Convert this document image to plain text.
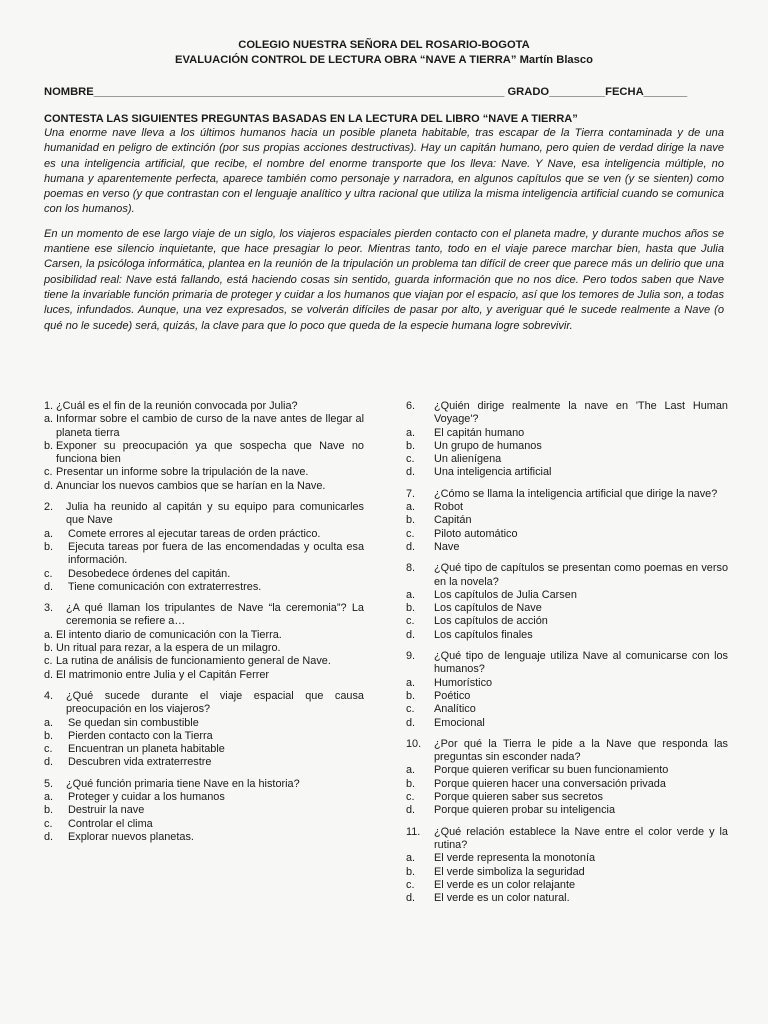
COLEGIO NUESTRA SEÑORA DEL ROSARIO-BOGOTA
EVALUACIÓN CONTROL DE LECTURA OBRA “NAVE A TIERRA” Martín Blasco
NOMBRE__________________________________________________________________ GRADO_________FECHA_______
CONTESTA LAS SIGUIENTES PREGUNTAS BASADAS EN LA LECTURA DEL LIBRO “NAVE A TIERRA”

Una enorme nave lleva a los últimos humanos hacia un posible planeta habitable, tras escapar de la Tierra contaminada y de una humanidad en peligro de extinción (por sus propias acciones destructivas). Hay un capitán humano, pero quien de verdad dirige la nave es una inteligencia artificial, que recibe, el nombre del enorme transporte que los lleva: Nave. Y Nave, esa inteligencia múltiple, no humana y aparentemente perfecta, aparece también como personaje y narradora, en algunos capítulos que se ven (y se sienten) como poemas en verso (y que contrastan con el lenguaje analítico y ultra racional que utiliza la misma inteligencia artificial cuando se comunica con los humanos).

En un momento de ese largo viaje de un siglo, los viajeros espaciales pierden contacto con el planeta madre, y durante muchos años se mantiene ese silencio inquietante, que hace presagiar lo peor. Mientras tanto, todo en el viaje parece marchar bien, hasta que Julia Carsen, la psicóloga informática, plantea en la reunión de la tripulación un problema tan difícil de creer que parece más un delirio que una posibilidad real: Nave está fallando, está haciendo cosas sin sentido, guarda información que no nos dice. Pero todos saben que Nave tiene la invariable función primaria de proteger y cuidar a los humanos que viajan por el espacio, así que los temores de Julia son, a todas luces, infundados. Aunque, una vez expresados, se volverán difíciles de pasar por alto, y averiguar qué le sucede realmente a Nave (o qué no le sucede) será, quizás, la clave para que lo poco que queda de la especie humana logre sobrevivir.

1. ¿Cuál es el fin de la reunión convocada por Julia?
a. Informar sobre el cambio de curso de la nave antes de llegar al planeta tierra
b. Exponer su preocupación ya que sospecha que Nave no funciona bien
c. Presentar un informe sobre la tripulación de la nave.
d. Anunciar los nuevos cambios que se harían en la Nave.
2.	Julia ha reunido al capitán y su equipo para comunicarles que Nave
a.	Comete errores al ejecutar tareas de orden práctico.
b.	Ejecuta tareas por fuera de las encomendadas y oculta esa información.
c.	Desobedece órdenes del capitán.
d.	Tiene comunicación con extraterrestres.
3.	¿A qué llaman los tripulantes de Nave “la ceremonia”? La ceremonia se refiere a…
a. El intento diario de comunicación con la Tierra.
b. Un ritual para rezar, a la espera de un milagro.
c. La rutina de análisis de funcionamiento general de Nave.
d. El matrimonio entre Julia y el Capitán Ferrer
4.	¿Qué sucede durante el viaje espacial que causa preocupación en los viajeros?
a.	Se quedan sin combustible
b.	Pierden contacto con la Tierra
c.	Encuentran un planeta habitable
d.	Descubren vida extraterrestre
5.	¿Qué función primaria tiene Nave en la historia?
a.	Proteger y cuidar a los humanos
b.	Destruir la nave
c.	Controlar el clima
d.	Explorar nuevos planetas.
6.	¿Quién dirige realmente la nave en 'The Last Human Voyage'?
a.	El capitán humano
b.	Un grupo de humanos
c.	Un alienígena
d.	Una inteligencia artificial
7.	¿Cómo se llama la inteligencia artificial que dirige la nave?
a.	Robot
b.	Capitán
c.	Piloto automático
d.	Nave
8.	¿Qué tipo de capítulos se presentan como poemas en verso en la novela?
a.	Los capítulos de Julia Carsen
b.	Los capítulos de Nave
c.	Los capítulos de acción
d.	Los capítulos finales
9.	¿Qué tipo de lenguaje utiliza Nave al comunicarse con los humanos?
a.	Humorístico
b.	Poético
c.	Analítico
d.	Emocional
10.	¿Por qué la Tierra le pide a la Nave que responda las preguntas sin esconder nada?
a.	Porque quieren verificar su buen funcionamiento
b.	Porque quieren hacer una conversación privada
c.	Porque quieren saber sus secretos
d.	Porque quieren probar su inteligencia
11.	¿Qué relación establece la Nave entre el color verde y la rutina?
a.	El verde representa la monotonía
b.	El verde simboliza la seguridad
c.	El verde es un color relajante
d.	El verde es un color natural.
